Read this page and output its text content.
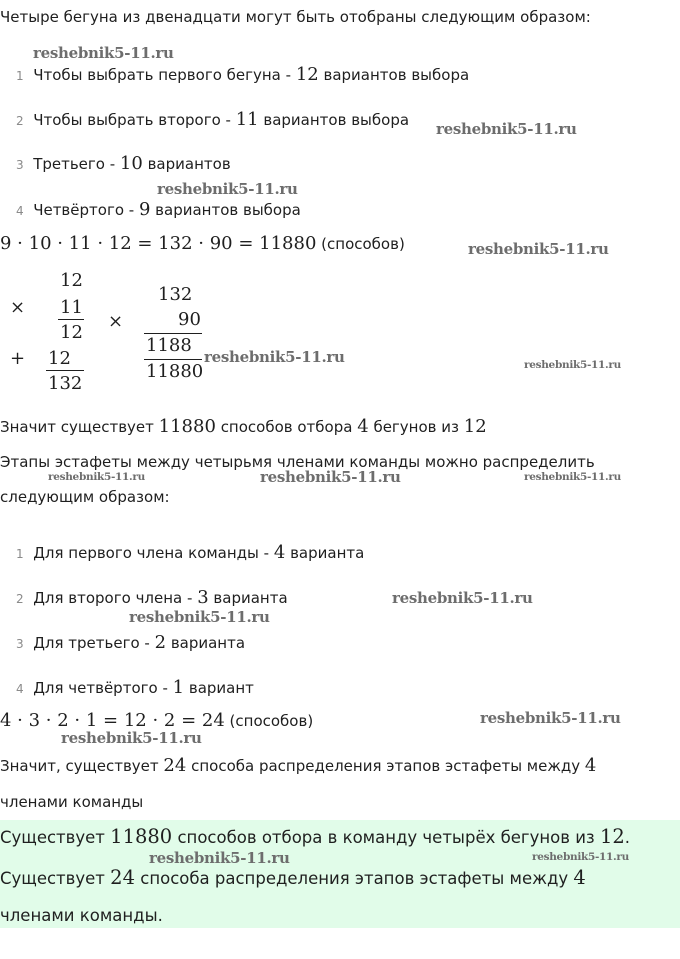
Четыре бегуна из двенадцати могут быть отобраны следующим образом:
1 Чтобы выбрать первого бегуна - 12 вариантов выбора
2 Чтобы выбрать второго - 11 вариантов выбора
3 Третьего - 10 вариантов
4 Четвёртого - 9 вариантов выбора
9 · 10 · 11 · 12 = 132 · 90 = 11880 (способов)
12
× 11
12
+ 12
132
132
×	90
1188
11880
Значит существует 11880 способов отбора 4 бегунов из 12
Этапы эстафеты между четырьмя членами команды можно распределить
следующим образом:
1 Для первого члена команды - 4 варианта
2 Для второго члена - 3 варианта
3 Для третьего - 2 варианта
4 Для четвёртого - 1 вариант
4 · 3 · 2 · 1 = 12 · 2 = 24 (способов)
Значит, существует 24 способа распределения этапов эстафеты между 4
членами команды
Существует 11880 способов отбора в команду четырёх бегунов из 12.
Существует 24 способа распределения этапов эстафеты между 4
членами команды.
reshebnik5-11.ru
reshebnik5-11.ru
reshebnik5-11.ru
reshebnik5-11.ru
reshebnik5-11.ru	reshebnik5-11.ru
reshebnik5-11.ru	reshebnik5-11.ru	reshebnik5-11.ru
reshebnik5-11.ru
reshebnik5-11.ru
reshebnik5-11.ru
reshebnik5-11.ru
reshebnik5-11.ru	reshebnik5-11.ru
